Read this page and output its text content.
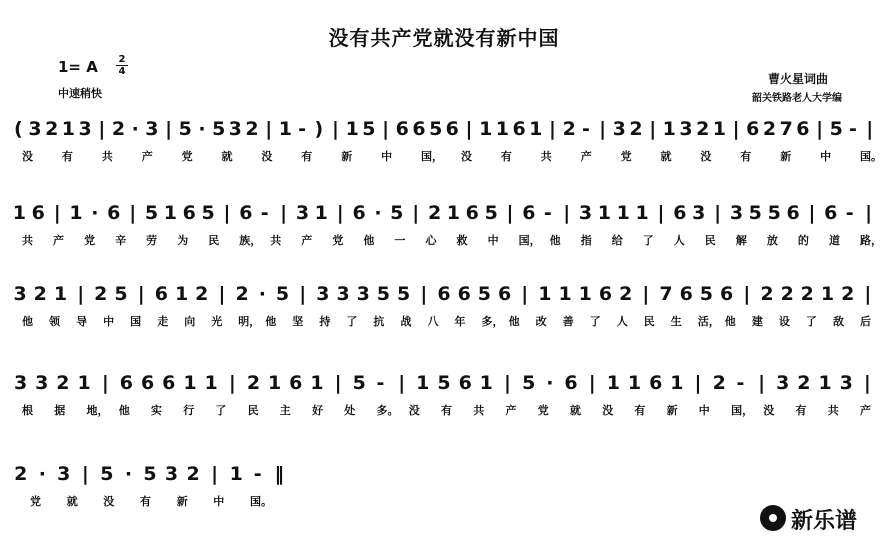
没有共产党就没有新中国
1= A 2
4
中速稍快
曹火星词曲
韶关铁路老人大学编
( 3 2 1 3 | 2 · 3 | 5 · 5 3 2 | 1 - ) | 1 5 | 6 6 5 6 | 1 1 6 1 | 2 - | 3 2 | 1 3 2 1 | 6 2 7 6 | 5 - |
没	有	共	产	党	就	没	有	新	中	国， 没	有	共	产	党	就	没	有	新	中	国。
1 6 | 1 · 6 | 5 1 6 5 | 6 - | 3 1 | 6 · 5 | 2 1 6 5 | 6 - | 3 1 1 1 | 6 3 | 3 5 5 6 | 6 - |
共 产 党 辛 劳 为 民 族， 共 产 党 他 一 心 救 中 国， 他 指 给 了 人 民 解 放 的 道 路，
3 2 1 | 2 5 | 6 1 2 | 2 · 5 | 3 3 3 5 5 | 6 6 5 6 | 1 1 1 6 2 | 7 6 5 6 | 2 2 2 1 2 |
他 领 导 中 国 走 向 光 明， 他 坚 持 了 抗 战 八 年 多， 他 改 善 了 人 民 生 活， 他 建 设 了 敌 后
3 3 2 1 | 6 6 6 1 1 | 2 1 6 1 | 5 - | 1 5 6 1 | 5 · 6 | 1 1 6 1 | 2 - | 3 2 1 3 |
根 据 地， 他 实 行 了 民 主 好 处 多。 没 有 共 产 党 就 没 有 新 中 国， 没 有 共 产
2 · 3 | 5 · 5 3 2 | 1 - ‖
党 就 没 有 新 中 国。
新乐谱
